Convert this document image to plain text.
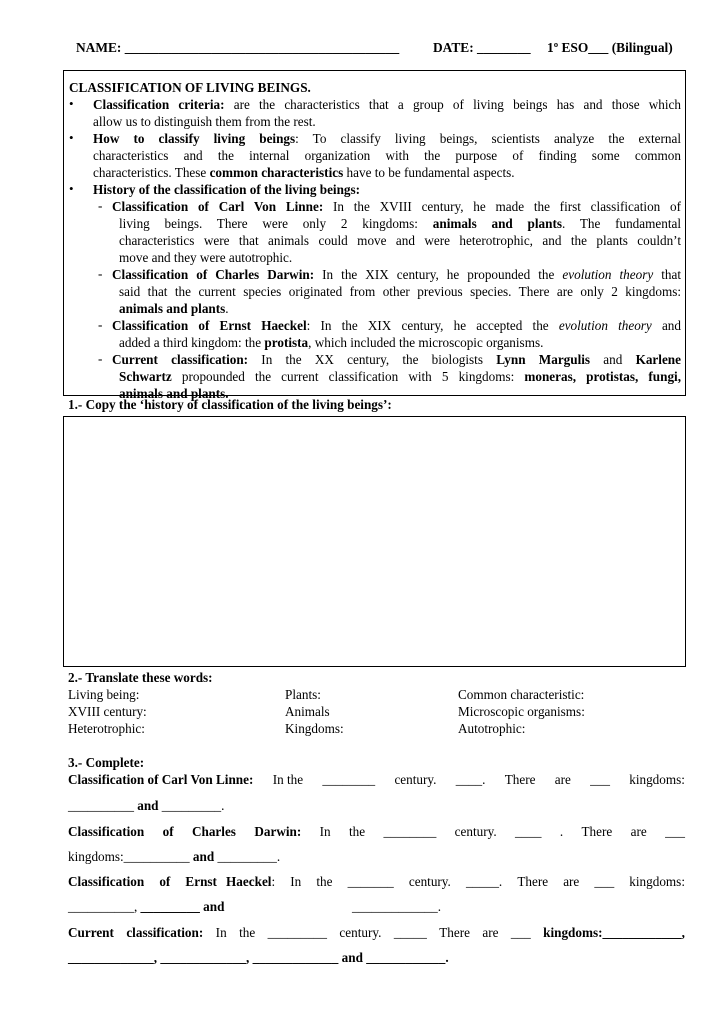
NAME: _________________________________________	DATE: ________ 1º ESO___ (Bilingual)
CLASSIFICATION OF LIVING BEINGS.
• Classification criteria: are the characteristics that a group of living beings has and those which
allow us to distinguish them from the rest.
• How to classify living beings: To classify living beings, scientists analyze the external
characteristics and the internal organization with the purpose of finding some common
characteristics. These common characteristics have to be fundamental aspects.
• History of the classification of the living beings:
- Classification of Carl Von Linne: In the XVIII century, he made the first classification of
living beings. There were only 2 kingdoms: animals and plants. The fundamental
characteristics were that animals could move and were heterotrophic, and the plants couldn’t
move and they were autotrophic.
- Classification of Charles Darwin: In the XIX century, he propounded the evolution theory that
said that the current species originated from other previous species. There are only 2 kingdoms:
animals and plants.
- Classification of Ernst Haeckel: In the XIX century, he accepted the evolution theory and
added a third kingdom: the protista, which included the microscopic organisms.
- Current classification: In the XX century, the biologists Lynn Margulis and Karlene
Schwartz propounded the current classification with 5 kingdoms: moneras, protistas, fungi,
animals and plants.
1.- Copy the ‘history of classification of the living beings’:
2.- Translate these words:
Living being:
XVIII century:
Heterotrophic:
Plants:
Animals
Kingdoms:
Common characteristic:
Microscopic organisms:
Autotrophic:
3.- Complete:
Classification of Carl Von Linne: In the ________ century. ____. There are ___ kingdoms:
__________ and _________.
Classification of Charles Darwin: In the ________ century. ____ . There are ___
kingdoms:__________ and _________.
Classification of Ernst Haeckel: In the _______ century. _____. There are ___ kingdoms:
__________, _________ and	_____________.
Current classification: In the _________ century. _____ There are ___ kingdoms:____________,
_____________, _____________, _____________ and ____________.
